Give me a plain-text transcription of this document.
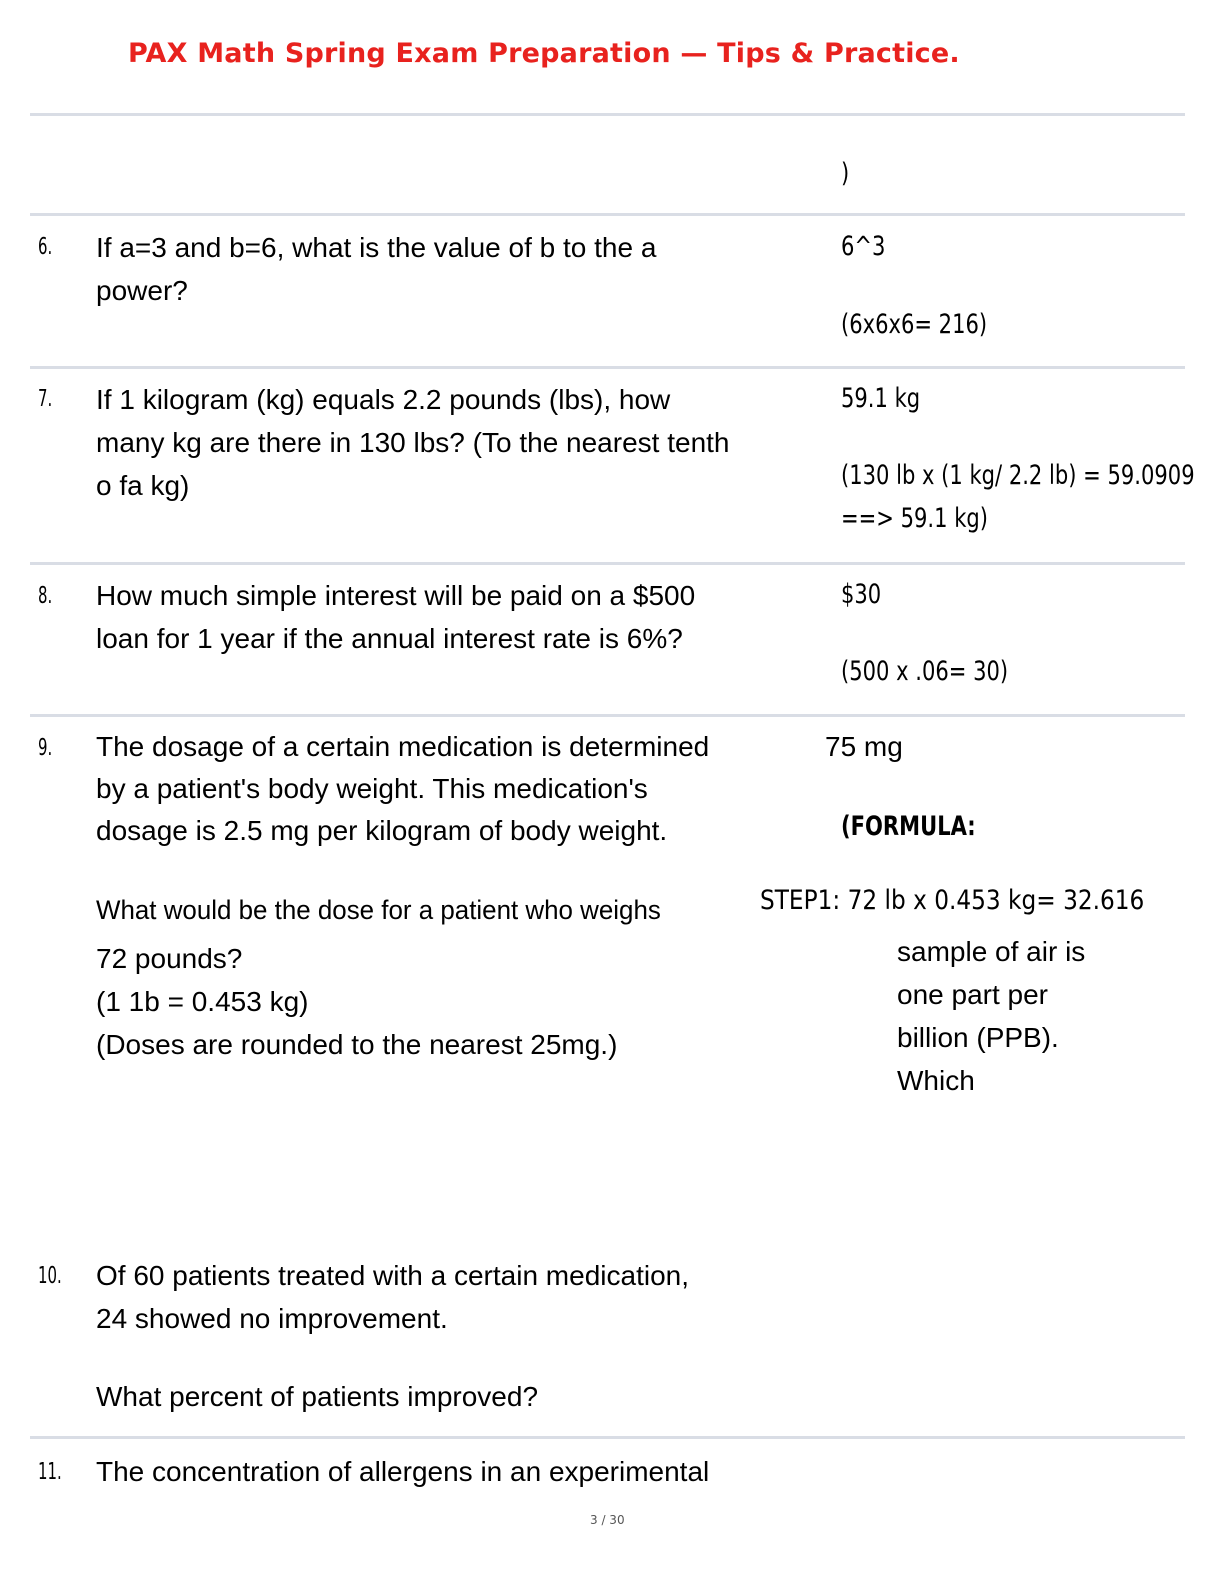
PAX Math Spring Exam Preparation — Tips & Practice.
)
6. If a=3 and b=6, what is the value of b to the a
power?
6^3
(6x6x6= 216)
7. If 1 kilogram (kg) equals 2.2 pounds (lbs), how
many kg are there in 130 lbs? (To the nearest tenth
o fa kg)
59.1 kg
(130 lb x (1 kg/ 2.2 lb) = 59.0909
==> 59.1 kg)
8. How much simple interest will be paid on a $500
loan for 1 year if the annual interest rate is 6%?
$30
(500 x .06= 30)
9. The dosage of a certain medication is determined
by a patient's body weight. This medication's
dosage is 2.5 mg per kilogram of body weight.
75 mg
(FORMULA:
What would be the dose for a patient who weighs	STEP1: 72 lb x 0.453 kg= 32.616
72 pounds?
(1 1b = 0.453 kg)
(Doses are rounded to the nearest 25mg.)
sample of air is
one part per
billion (PPB).
Which
10. Of 60 patients treated with a certain medication,
24 showed no improvement.
What percent of patients improved?
11. The concentration of allergens in an experimental
3 / 30
